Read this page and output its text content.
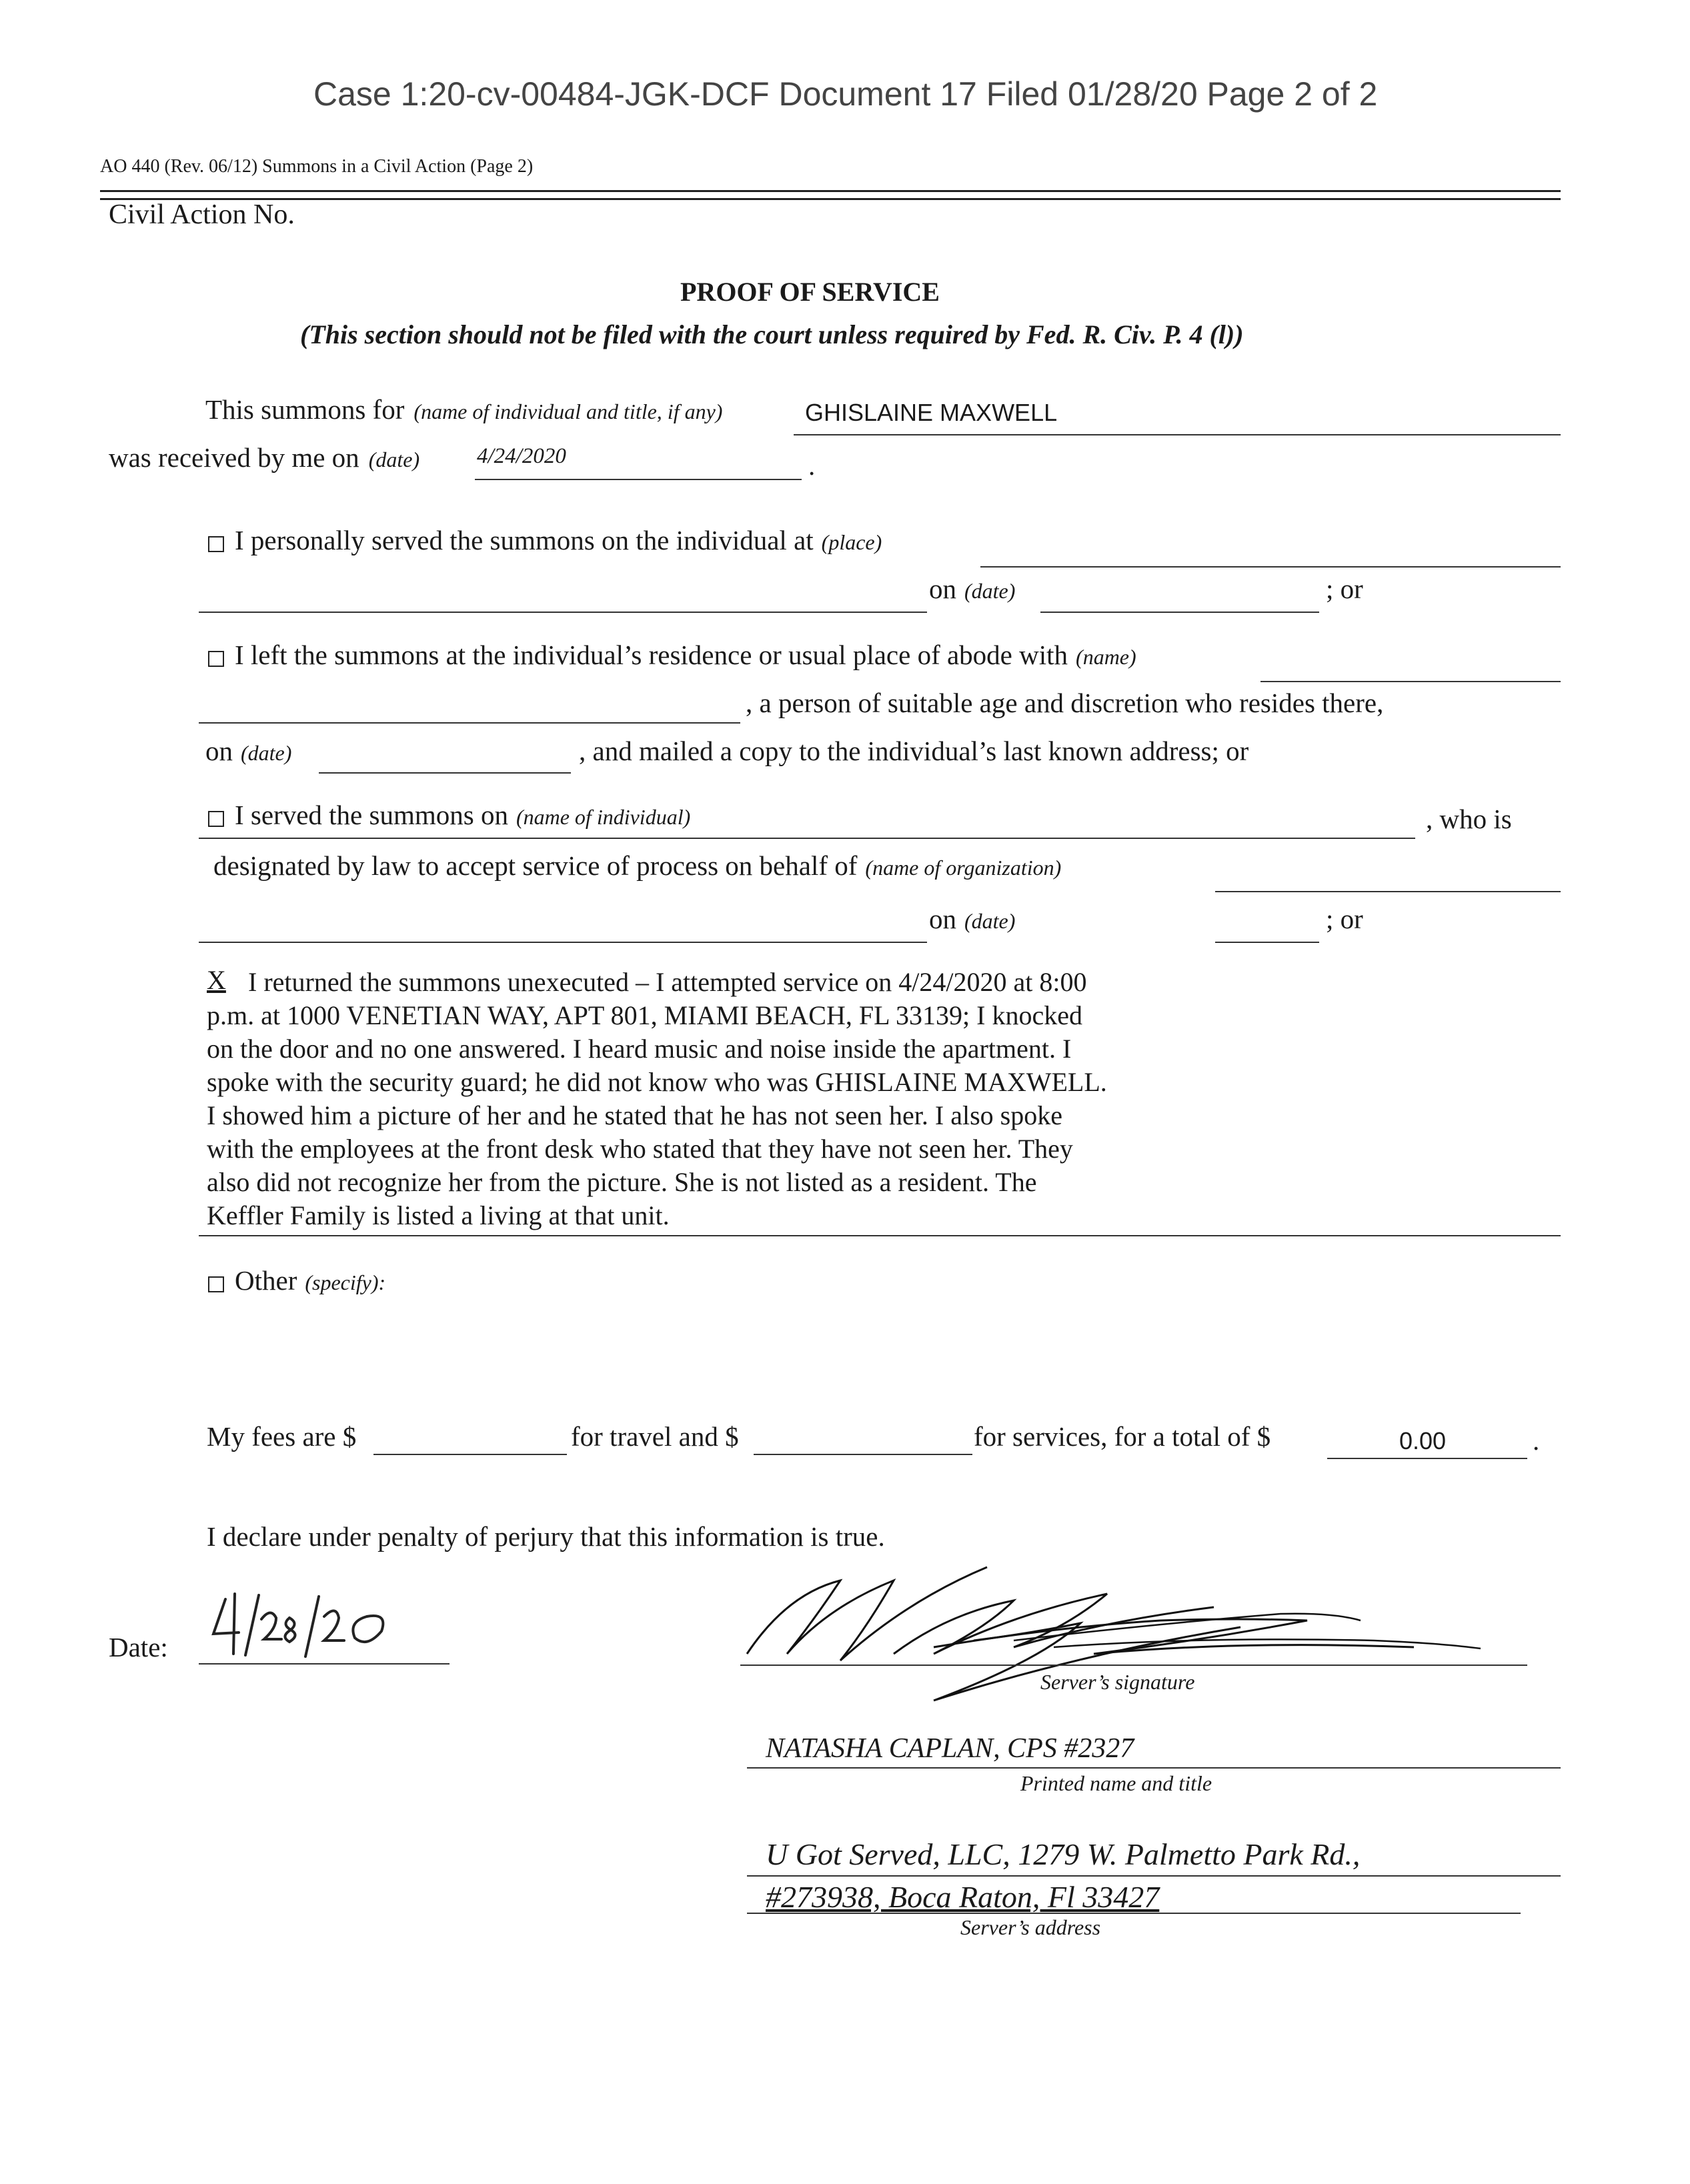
Case 1:20-cv-00484-JGK-DCF Document 17 Filed 01/28/20 Page 2 of 2
AO 440 (Rev. 06/12) Summons in a Civil Action (Page 2)
Civil Action No.
PROOF OF SERVICE
(This section should not be filed with the court unless required by Fed. R. Civ. P. 4 (l))
This summons for (name of individual and title, if any)	GHISLAINE MAXWELL
was received by me on (date)	4/24/2020	.
I personally served the summons on the individual at (place)
on (date)	; or
I left the summons at the individual’s residence or usual place of abode with (name)
, a person of suitable age and discretion who resides there,
on (date)	, and mailed a copy to the individual’s last known address; or
I served the summons on (name of individual)	, who is
designated by law to accept service of process on behalf of (name of organization)
on (date)	; or
X I returned the summons unexecuted – I attempted service on 4/24/2020 at 8:00
p.m. at 1000 VENETIAN WAY, APT 801, MIAMI BEACH, FL 33139; I knocked
on the door and no one answered. I heard music and noise inside the apartment. I
spoke with the security guard; he did not know who was GHISLAINE MAXWELL.
I showed him a picture of her and he stated that he has not seen her. I also spoke
with the employees at the front desk who stated that they have not seen her. They
also did not recognize her from the picture. She is not listed as a resident. The
Keffler Family is listed a living at that unit.
Other (specify):
My fees are $	for travel and $	for services, for a total of $	0.00	.
I declare under penalty of perjury that this information is true.
Date:
Server’s signature
NATASHA CAPLAN, CPS #2327
Printed name and title
U Got Served, LLC, 1279 W. Palmetto Park Rd.,
#273938, Boca Raton, Fl 33427
Server’s address
